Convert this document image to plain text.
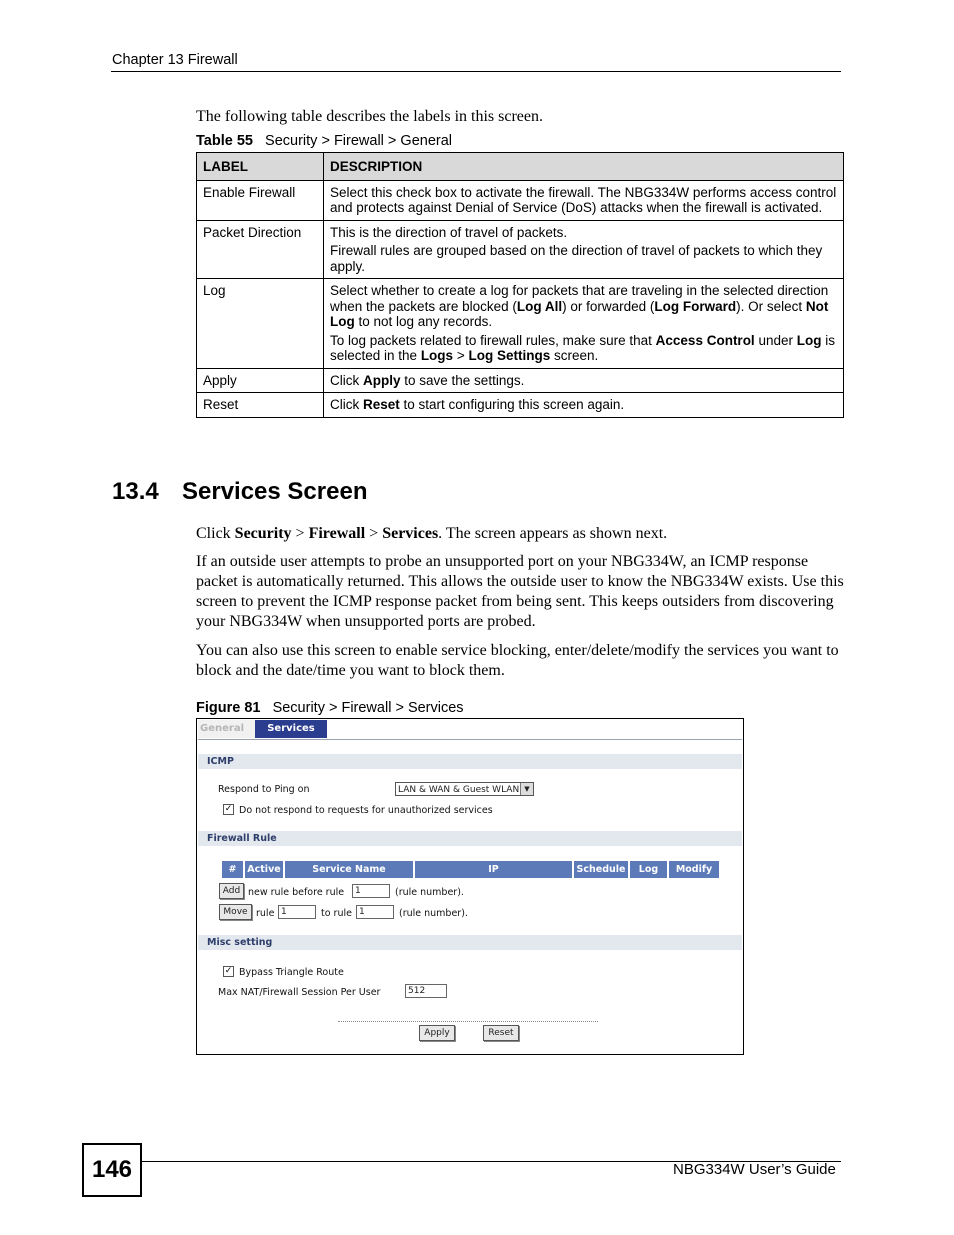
Chapter 13 Firewall
The following table describes the labels in this screen.
Table 55 Security > Firewall > General
LABEL	DESCRIPTION
Enable Firewall	Select this check box to activate the firewall. The NBG334W performs access control and protects against Denial of Service (DoS) attacks when the firewall is activated.

Packet Direction	This is the direction of travel of packets.

Firewall rules are grouped based on the direction of travel of packets to which they apply.

Log	Select whether to create a log for packets that are traveling in the selected direction when the packets are blocked (Log All) or forwarded (Log Forward). Or select Not Log to not log any records.

To log packets related to firewall rules, make sure that Access Control under Log is selected in the Logs > Log Settings screen.

Apply	Click Apply to save the settings.
Reset	Click Reset to start configuring this screen again.
13.4 Services Screen
Click Security > Firewall > Services. The screen appears as shown next.
If an outside user attempts to probe an unsupported port on your NBG334W, an ICMP response packet is automatically returned. This allows the outside user to know the NBG334W exists. Use this screen to prevent the ICMP response packet from being sent. This keeps outsiders from discovering your NBG334W when unsupported ports are probed.
You can also use this screen to enable service blocking, enter/delete/modify the services you want to block and the date/time you want to block them.
Figure 81 Security > Firewall > Services
General	Services
ICMP
Respond to Ping on	LAN & WAN & Guest WLAN ▼
✓ Do not respond to requests for unauthorized services
Firewall Rule
#	Active	Service Name	IP	Schedule	Log	Modify
Add new rule before rule	1	(rule number).
Move rule 1	to rule 1	(rule number).
Misc setting
✓ Bypass Triangle Route
Max NAT/Firewall Session Per User	512
Apply	Reset
146	NBG334W User’s Guide
